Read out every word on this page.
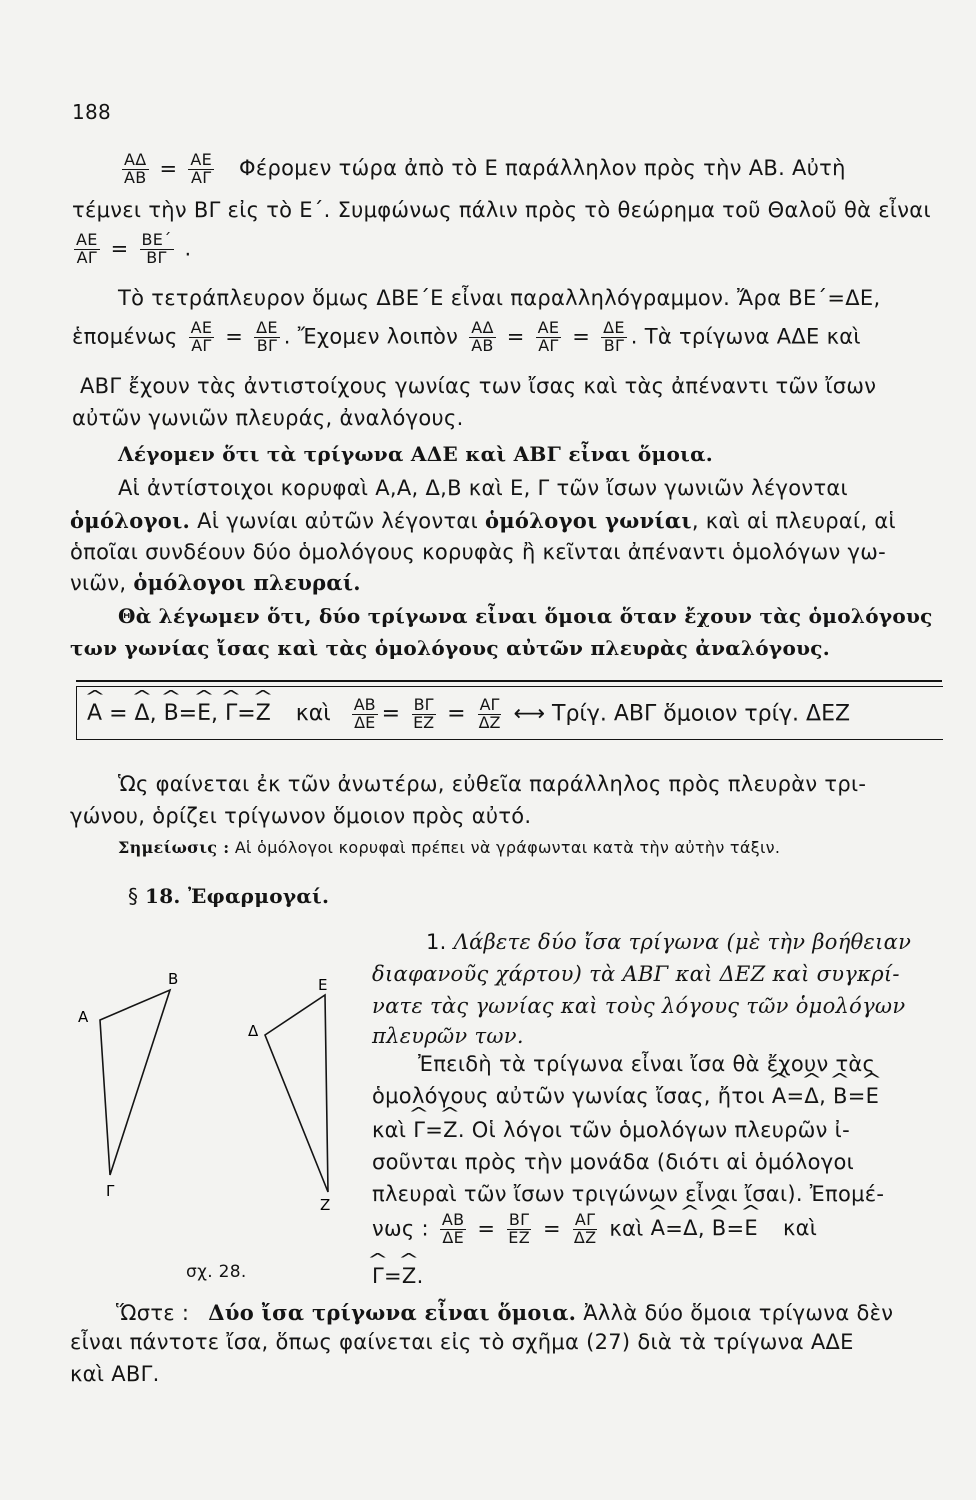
188
$\frac{A\Delta}{AB} = \frac{AE}{A\Gamma}$ Φέρομεν τώρα ἀπὸ τὸ Ε παράλληλον πρὸς τὴν ΑΒ. Αὐτὴ
τέμνει τὴν ΒΓ εἰς τὸ Ε΄. Συμφώνως πάλιν πρὸς τὸ θεώρημα τοῦ Θαλοῦ θὰ εἶναι
$\frac{AE}{A\Gamma} = \frac{BE΄}{B\Gamma}$ .
Τὸ τετράπλευρον ὅμως ΔΒΕ΄Ε εἶναι παραλληλόγραμμον. Ἄρα ΒΕ΄=ΔΕ,
ἑπομένως $\frac{AE}{A\Gamma} = \frac{\Delta E}{B\Gamma}$ . Ἔχομεν λοιπὸν $\frac{A\Delta}{AB} = \frac{AE}{A\Gamma} = \frac{\Delta E}{B\Gamma}$ . Τὰ τρίγωνα ΑΔΕ καὶ
ΑΒΓ ἔχουν τὰς ἀντιστοίχους γωνίας των ἴσας καὶ τὰς ἀπέναντι τῶν ἴσων
αὐτῶν γωνιῶν πλευράς, ἀναλόγους.
Λέγομεν ὅτι τὰ τρίγωνα ΑΔΕ καὶ ΑΒΓ εἶναι ὅμοια.
Αἱ ἀντίστοιχοι κορυφαὶ Α,Α, Δ,Β καὶ Ε, Γ τῶν ἴσων γωνιῶν λέγονται
ὁμόλογοι. Αἱ γωνίαι αὐτῶν λέγονται ὁμόλογοι γωνίαι, καὶ αἱ πλευραί, αἱ
ὁποῖαι συνδέουν δύο ὁμολόγους κορυφὰς ἢ κεῖνται ἀπέναντι ὁμολόγων γω-
νιῶν, ὁμόλογοι πλευραί.
Θὰ λέγωμεν ὅτι, δύο τρίγωνα εἶναι ὅμοια ὅταν ἔχουν τὰς ὁμολόγους
των γωνίας ἴσας καὶ τὰς ὁμολόγους αὐτῶν πλευρὰς ἀναλόγους.
^ Α = ^ Δ, ^ Β=^ Ε, ^ Γ=^ Ζ καὶ $\frac{AB}{\Delta E} = \frac{B\Gamma}{EZ} = \frac{A\Gamma}{\Delta Z}$ ⟷ Τρίγ. ΑΒΓ ὅμοιον τρίγ. ΔΕΖ
Ὡς φαίνεται ἐκ τῶν ἀνωτέρω, εὐθεῖα παράλληλος πρὸς πλευρὰν τρι-
γώνου, ὁρίζει τρίγωνον ὅμοιον πρὸς αὐτό.
Σημείωσις : Αἱ ὁμόλογοι κορυφαὶ πρέπει νὰ γράφωνται κατὰ τὴν αὐτὴν τάξιν.
§ 18. Ἐφαρμογαί.
1. Λάβετε δύο ἴσα τρίγωνα (μὲ τὴν βοήθειαν
διαφανοῦς χάρτου) τὰ ΑΒΓ καὶ ΔΕΖ καὶ συγκρί-
νατε τὰς γωνίας καὶ τοὺς λόγους τῶν ὁμολόγων
πλευρῶν των.
Ἐπειδὴ τὰ τρίγωνα εἶναι ἴσα θὰ ἔχουν τὰς
ὁμολόγους αὐτῶν γωνίας ἴσας, ἤτοι ^ Α=^ Δ, ^ Β=^ Ε
καὶ ^ Γ=^ Ζ. Οἱ λόγοι τῶν ὁμολόγων πλευρῶν ἰ-
σοῦνται πρὸς τὴν μονάδα (διότι αἱ ὁμόλογοι
πλευραὶ τῶν ἴσων τριγώνων εἶναι ἴσαι). Ἐπομέ-
νως : $\frac{AB}{\Delta E} = \frac{B\Gamma}{EZ} = \frac{A\Gamma}{\Delta Z}$ καὶ ^ Α=^ Δ, ^ Β=^ Ε καὶ
^ Γ=^ Ζ.
A
B
Γ
Δ
E
Z
σχ. 28.
Ὥστε : Δύο ἴσα τρίγωνα εἶναι ὅμοια. Ἀλλὰ δύο ὅμοια τρίγωνα δὲν
εἶναι πάντοτε ἴσα, ὅπως φαίνεται εἰς τὸ σχῆμα (27) διὰ τὰ τρίγωνα ΑΔΕ
καὶ ΑΒΓ.
